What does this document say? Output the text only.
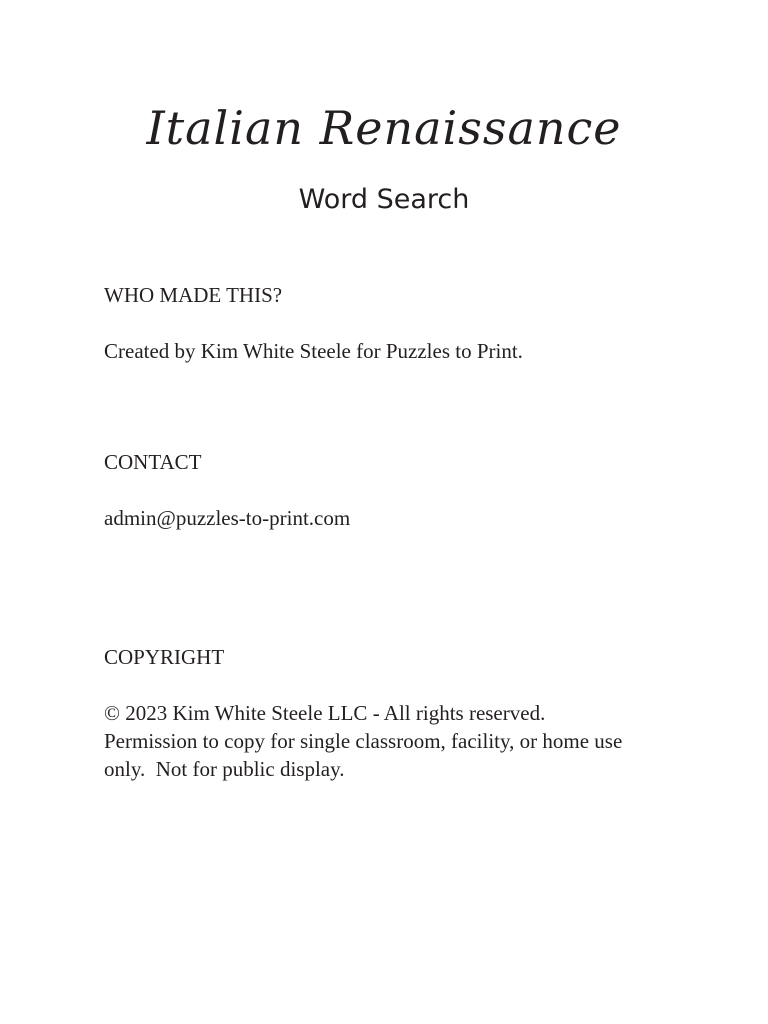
Italian Renaissance
Word Search
WHO MADE THIS?
Created by Kim White Steele for Puzzles to Print.
CONTACT
admin@puzzles-to-print.com
COPYRIGHT
© 2023 Kim White Steele LLC - All rights reserved.
Permission to copy for single classroom, facility, or home use
only.  Not for public display.
